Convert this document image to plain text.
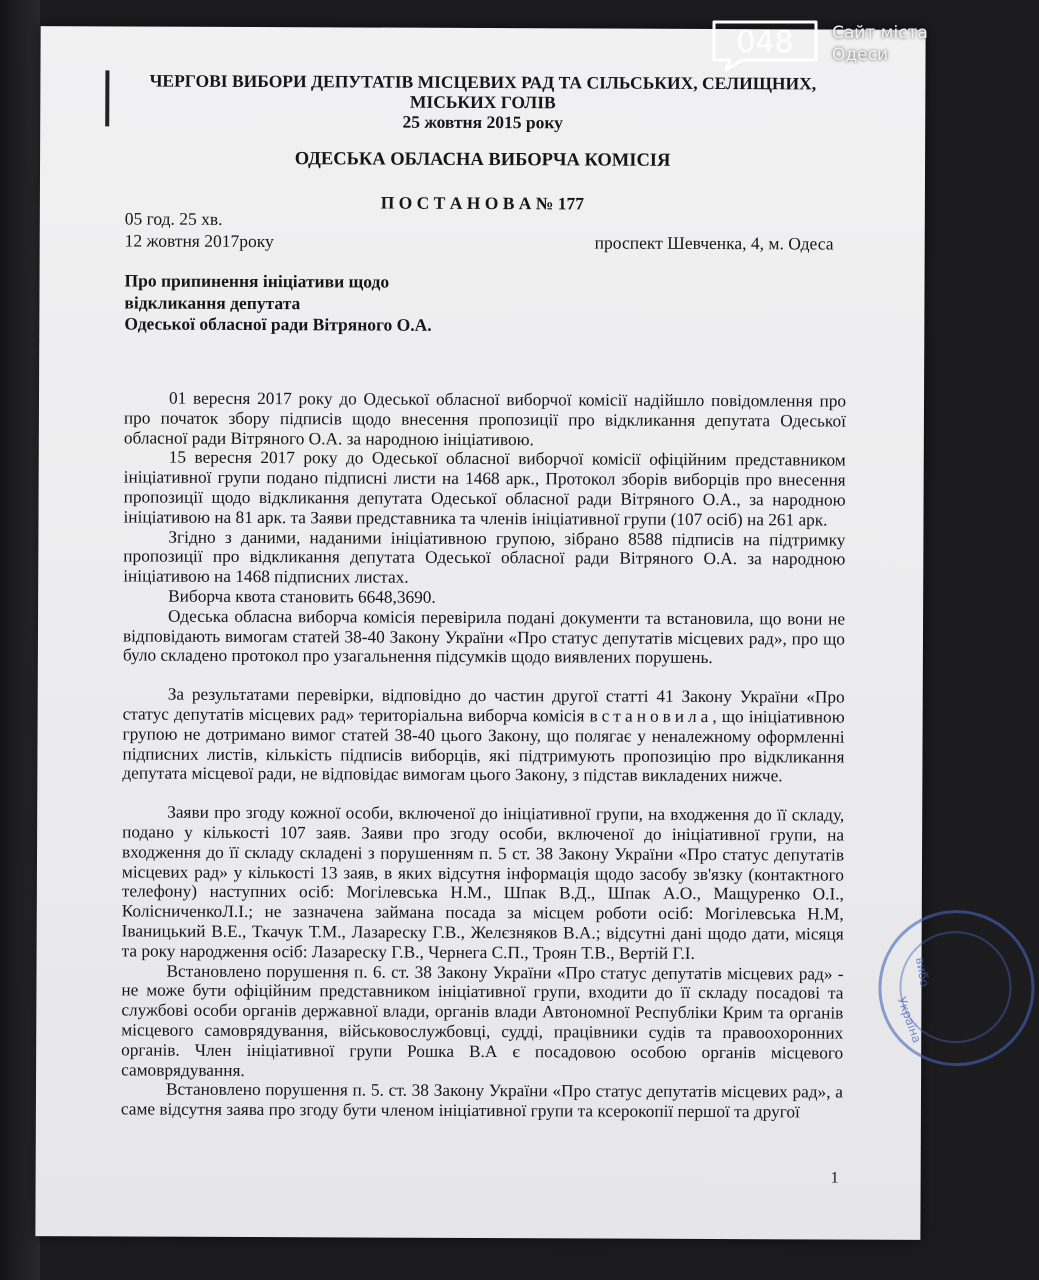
ЧЕРГОВІ ВИБОРИ ДЕПУТАТІВ МІСЦЕВИХ РАД ТА СІЛЬСЬКИХ, СЕЛИЩНИХ,
МІСЬКИХ ГОЛІВ
25 жовтня 2015 року
ОДЕСЬКА ОБЛАСНА ВИБОРЧА КОМІСІЯ
П О С Т А Н О В А № 177
05 год. 25 хв.
12 жовтня 2017року	проспект Шевченка, 4, м. Одеса
Про припинення ініціативи щодо
відкликання депутата
Одеської обласної ради Вітряного О.А.

01 вересня 2017 року до Одеської обласної виборчої комісії надійшло повідомлення про про початок збору підписів щодо внесення пропозиції про відкликання депутата Одеської обласної ради Вітряного О.А. за народною ініціативою.

15 вересня 2017 року до Одеської обласної виборчої комісії офіційним представником ініціативної групи подано підписні листи на 1468 арк., Протокол зборів виборців про внесення пропозиції щодо відкликання депутата Одеської обласної ради Вітряного О.А., за народною ініціативою на 81 арк. та Заяви представника та членів ініціативної групи (107 осіб) на 261 арк.

Згідно з даними, наданими ініціативною групою, зібрано 8588 підписів на підтримку пропозиції про відкликання депутата Одеської обласної ради Вітряного О.А. за народною ініціативою на 1468 підписних листах.

Виборча квота становить 6648,3690.

Одеська обласна виборча комісія перевірила подані документи та встановила, що вони не відповідають вимогам статей 38-40 Закону України «Про статус депутатів місцевих рад», про що було складено протокол про узагальнення підсумків щодо виявлених порушень.

За результатами перевірки, відповідно до частин другої статті 41 Закону України «Про статус депутатів місцевих рад» територіальна виборча комісія встановила, що ініціативною групою не дотримано вимог статей 38-40 цього Закону, що полягає у неналежному оформленні підписних листів, кількість підписів виборців, які підтримують пропозицію про відкликання депутата місцевої ради, не відповідає вимогам цього Закону, з підстав викладених нижче.

Заяви про згоду кожної особи, включеної до ініціативної групи, на входження до її складу, подано у кількості 107 заяв. Заяви про згоду особи, включеної до ініціативної групи, на входження до її складу складені з порушенням п. 5 ст. 38 Закону України «Про статус депутатів місцевих рад» у кількості 13 заяв, в яких відсутня інформація щодо засобу зв'язку (контактного телефону) наступних осіб: Могілевська Н.М., Шпак В.Д., Шпак А.О., Мащуренко О.І., КолісниченкоЛ.І.; не зазначена займана посада за місцем роботи осіб: Могілевська Н.М, Іваницький В.Е., Ткачук Т.М., Лазареску Г.В., Желєзняков В.А.; відсутні дані щодо дати, місяця та року народження осіб: Лазареску Г.В., Чернега С.П., Троян Т.В., Вертій Г.І.

Встановлено порушення п. 6. ст. 38 Закону України «Про статус депутатів місцевих рад» - не може бути офіційним представником ініціативної групи, входити до її складу посадові та службові особи органів державної влади, органів влади Автономної Республіки Крим та органів місцевого самоврядування, військовослужбовці, судді, працівники судів та правоохоронних органів. Член ініціативної групи Рошка В.А є посадовою особою органів місцевого самоврядування.

Встановлено порушення п. 5. ст. 38 Закону України «Про статус депутатів місцевих рад», а саме відсутня заява про згоду бути членом ініціативної групи та ксерокопії першої та другої

1
вибо
Україна
048 Сайт міста
Одеси
